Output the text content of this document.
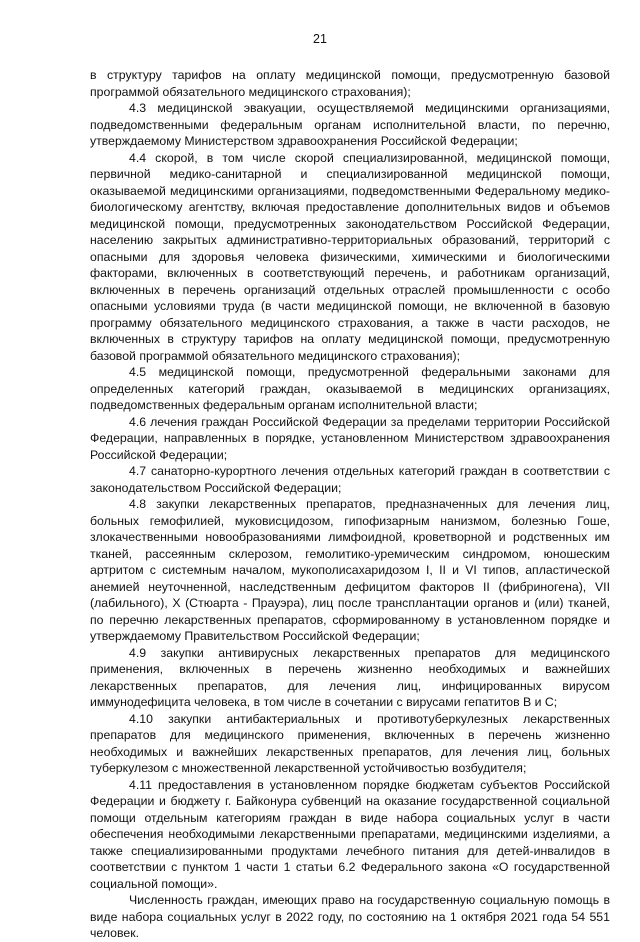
21

в структуру тарифов на оплату медицинской помощи, предусмотренную базовой программой обязательного медицинского страхования);

4.3 медицинской эвакуации, осуществляемой медицинскими организациями, подведомственными федеральным органам исполнительной власти, по перечню, утверждаемому Министерством здравоохранения Российской Федерации;

4.4 скорой, в том числе скорой специализированной, медицинской помощи, первичной медико-санитарной и специализированной медицинской помощи, оказываемой медицинскими организациями, подведомственными Федеральному медико-биологическому агентству, включая предоставление дополнительных видов и объемов медицинской помощи, предусмотренных законодательством Российской Федерации, населению закрытых административно-территориальных образований, территорий с опасными для здоровья человека физическими, химическими и биологическими факторами, включенных в соответствующий перечень, и работникам организаций, включенных в перечень организаций отдельных отраслей промышленности с особо опасными условиями труда (в части медицинской помощи, не включенной в базовую программу обязательного медицинского страхования, а также в части расходов, не включенных в структуру тарифов на оплату медицинской помощи, предусмотренную базовой программой обязательного медицинского страхования);

4.5 медицинской помощи, предусмотренной федеральными законами для определенных категорий граждан, оказываемой в медицинских организациях, подведомственных федеральным органам исполнительной власти;

4.6 лечения граждан Российской Федерации за пределами территории Российской Федерации, направленных в порядке, установленном Министерством здравоохранения Российской Федерации;

4.7 санаторно-курортного лечения отдельных категорий граждан в соответствии с законодательством Российской Федерации;

4.8 закупки лекарственных препаратов, предназначенных для лечения лиц, больных гемофилией, муковисцидозом, гипофизарным нанизмом, болезнью Гоше, злокачественными новообразованиями лимфоидной, кроветворной и родственных им тканей, рассеянным склерозом, гемолитико-уремическим синдромом, юношеским артритом с системным началом, мукополисахаридозом I, II и VI типов, апластической анемией неуточненной, наследственным дефицитом факторов II (фибриногена), VII (лабильного), X (Стюарта - Прауэра), лиц после трансплантации органов и (или) тканей, по перечню лекарственных препаратов, сформированному в установленном порядке и утверждаемому Правительством Российской Федерации;

4.9 закупки антивирусных лекарственных препаратов для медицинского применения, включенных в перечень жизненно необходимых и важнейших лекарственных препаратов, для лечения лиц, инфицированных вирусом иммунодефицита человека, в том числе в сочетании с вирусами гепатитов B и C;

4.10 закупки антибактериальных и противотуберкулезных лекарственных препаратов для медицинского применения, включенных в перечень жизненно необходимых и важнейших лекарственных препаратов, для лечения лиц, больных туберкулезом с множественной лекарственной устойчивостью возбудителя;

4.11 предоставления в установленном порядке бюджетам субъектов Российской Федерации и бюджету г. Байконура субвенций на оказание государственной социальной помощи отдельным категориям граждан в виде набора социальных услуг в части обеспечения необходимыми лекарственными препаратами, медицинскими изделиями, а также специализированными продуктами лечебного питания для детей-инвалидов в соответствии с пунктом 1 части 1 статьи 6.2 Федерального закона «О государственной социальной помощи».

Численность граждан, имеющих право на государственную социальную помощь в виде набора социальных услуг в 2022 году, по состоянию на 1 октября 2021 года 54 551 человек.
